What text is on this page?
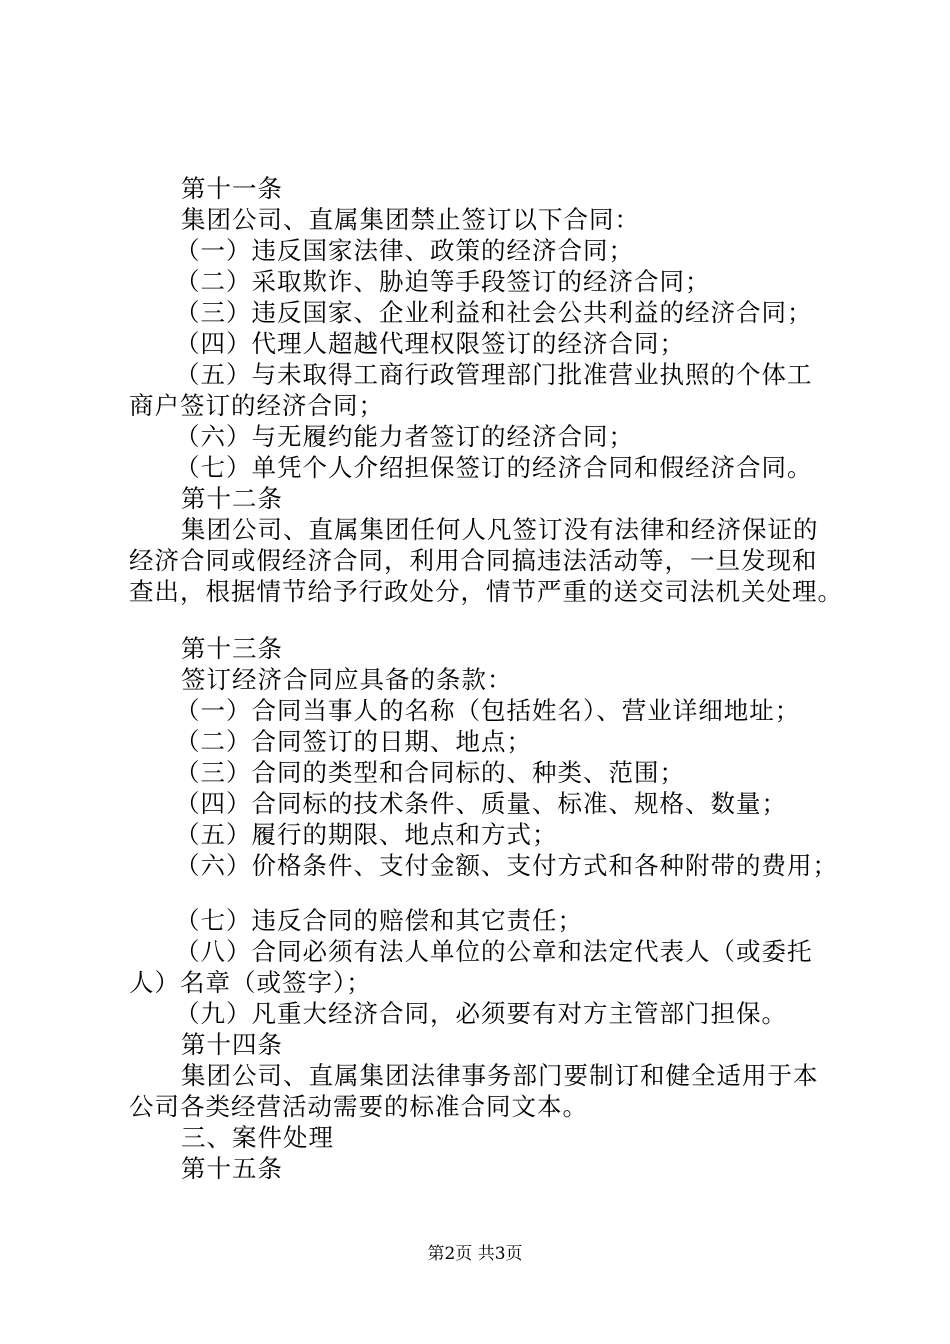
第十一条
集团公司、直属集团禁止签订以下合同：
（一）违反国家法律、政策的经济合同；
（二）采取欺诈、胁迫等手段签订的经济合同；
（三）违反国家、企业利益和社会公共利益的经济合同；
（四）代理人超越代理权限签订的经济合同；
（五）与未取得工商行政管理部门批准营业执照的个体工
商户签订的经济合同；
（六）与无履约能力者签订的经济合同；
（七）单凭个人介绍担保签订的经济合同和假经济合同。
第十二条
集团公司、直属集团任何人凡签订没有法律和经济保证的
经济合同或假经济合同，利用合同搞违法活动等，一旦发现和
查出，根据情节给予行政处分，情节严重的送交司法机关处理。
第十三条
签订经济合同应具备的条款：
（一）合同当事人的名称（包括姓名）、营业详细地址；
（二）合同签订的日期、地点；
（三）合同的类型和合同标的、种类、范围；
（四）合同标的技术条件、质量、标准、规格、数量；
（五）履行的期限、地点和方式；
（六）价格条件、支付金额、支付方式和各种附带的费用；
（七）违反合同的赔偿和其它责任；
（八）合同必须有法人单位的公章和法定代表人（或委托
人）名章（或签字）；
（九）凡重大经济合同，必须要有对方主管部门担保。
第十四条
集团公司、直属集团法律事务部门要制订和健全适用于本
公司各类经营活动需要的标准合同文本。
三、案件处理
第十五条
第2页 共3页
